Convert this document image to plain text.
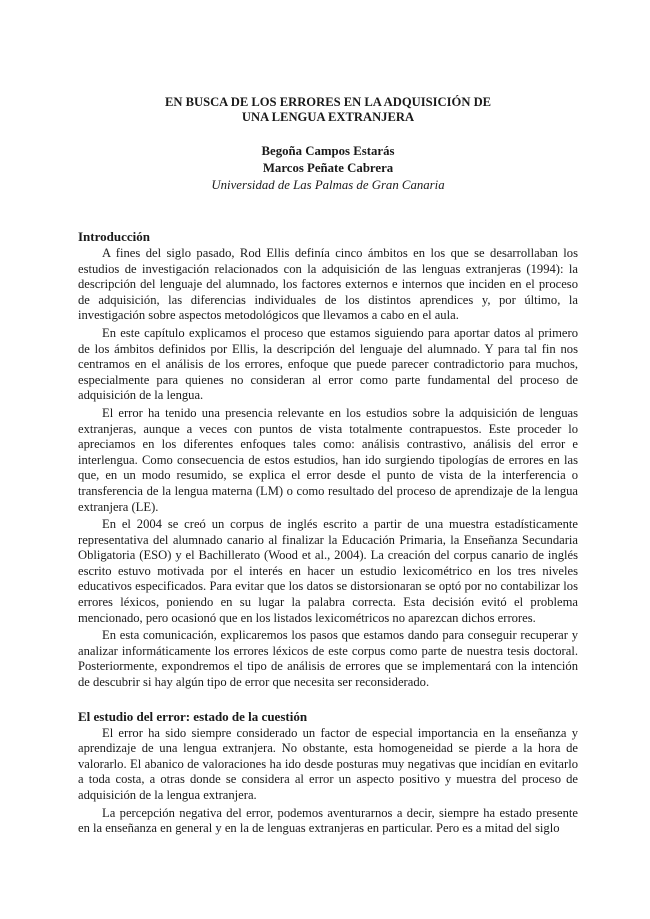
EN BUSCA DE LOS ERRORES EN LA ADQUISICIÓN DE
UNA LENGUA EXTRANJERA
Begoña Campos Estarás
Marcos Peñate Cabrera
Universidad de Las Palmas de Gran Canaria
Introducción

A fines del siglo pasado, Rod Ellis definía cinco ámbitos en los que se desarrollaban los estudios de investigación relacionados con la adquisición de las lenguas extranjeras (1994): la descripción del lenguaje del alumnado, los factores externos e internos que inciden en el proceso de adquisición, las diferencias individuales de los distintos aprendices y, por último, la investigación sobre aspectos metodológicos que llevamos a cabo en el aula.

En este capítulo explicamos el proceso que estamos siguiendo para aportar datos al primero de los ámbitos definidos por Ellis, la descripción del lenguaje del alumnado. Y para tal fin nos centramos en el análisis de los errores, enfoque que puede parecer contradictorio para muchos, especialmente para quienes no consideran al error como parte fundamental del proceso de adquisición de la lengua.

El error ha tenido una presencia relevante en los estudios sobre la adquisición de lenguas extranjeras, aunque a veces con puntos de vista totalmente contrapuestos. Este proceder lo apreciamos en los diferentes enfoques tales como: análisis contrastivo, análisis del error e interlengua. Como consecuencia de estos estudios, han ido surgiendo tipologías de errores en las que, en un modo resumido, se explica el error desde el punto de vista de la interferencia o transferencia de la lengua materna (LM) o como resultado del proceso de aprendizaje de la lengua extranjera (LE).

En el 2004 se creó un corpus de inglés escrito a partir de una muestra estadísticamente representativa del alumnado canario al finalizar la Educación Primaria, la Enseñanza Secundaria Obligatoria (ESO) y el Bachillerato (Wood et al., 2004). La creación del corpus canario de inglés escrito estuvo motivada por el interés en hacer un estudio lexicométrico en los tres niveles educativos especificados. Para evitar que los datos se distorsionaran se optó por no contabilizar los errores léxicos, poniendo en su lugar la palabra correcta. Esta decisión evitó el problema mencionado, pero ocasionó que en los listados lexicométricos no aparezcan dichos errores.

En esta comunicación, explicaremos los pasos que estamos dando para conseguir recuperar y analizar informáticamente los errores léxicos de este corpus como parte de nuestra tesis doctoral. Posteriormente, expondremos el tipo de análisis de errores que se implementará con la intención de descubrir si hay algún tipo de error que necesita ser reconsiderado.

El estudio del error: estado de la cuestión

El error ha sido siempre considerado un factor de especial importancia en la enseñanza y aprendizaje de una lengua extranjera. No obstante, esta homogeneidad se pierde a la hora de valorarlo. El abanico de valoraciones ha ido desde posturas muy negativas que incidían en evitarlo a toda costa, a otras donde se considera al error un aspecto positivo y muestra del proceso de adquisición de la lengua extranjera.

La percepción negativa del error, podemos aventurarnos a decir, siempre ha estado presente en la enseñanza en general y en la de lenguas extranjeras en particular. Pero es a mitad del siglo
